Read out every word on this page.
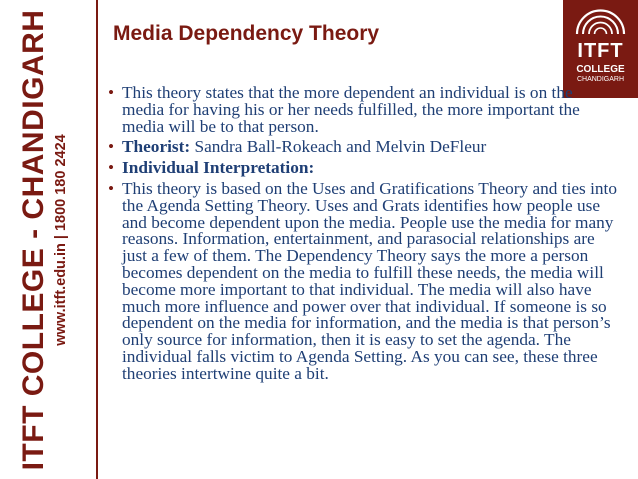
ITFT COLLEGE - CHANDIGARH www.itft.edu.in | 1800 180 2424
Media Dependency Theory
ITFT
COLLEGE
CHANDIGARH
• This theory states that the more dependent an individual is on the media for having his or her needs fulfilled, the more important the media will be to that person.
• Theorist: Sandra Ball-Rokeach and Melvin DeFleur
• Individual Interpretation:
• This theory is based on the Uses and Gratifications Theory and ties into the Agenda Setting Theory. Uses and Grats identifies how people use and become dependent upon the media. People use the media for many reasons. Information, entertainment, and parasocial relationships are just a few of them. The Dependency Theory says the more a person becomes dependent on the media to fulfill these needs, the media will become more important to that individual. The media will also have much more influence and power over that individual. If someone is so dependent on the media for information, and the media is that person’s only source for information, then it is easy to set the agenda. The individual falls victim to Agenda Setting. As you can see, these three theories intertwine quite a bit.
